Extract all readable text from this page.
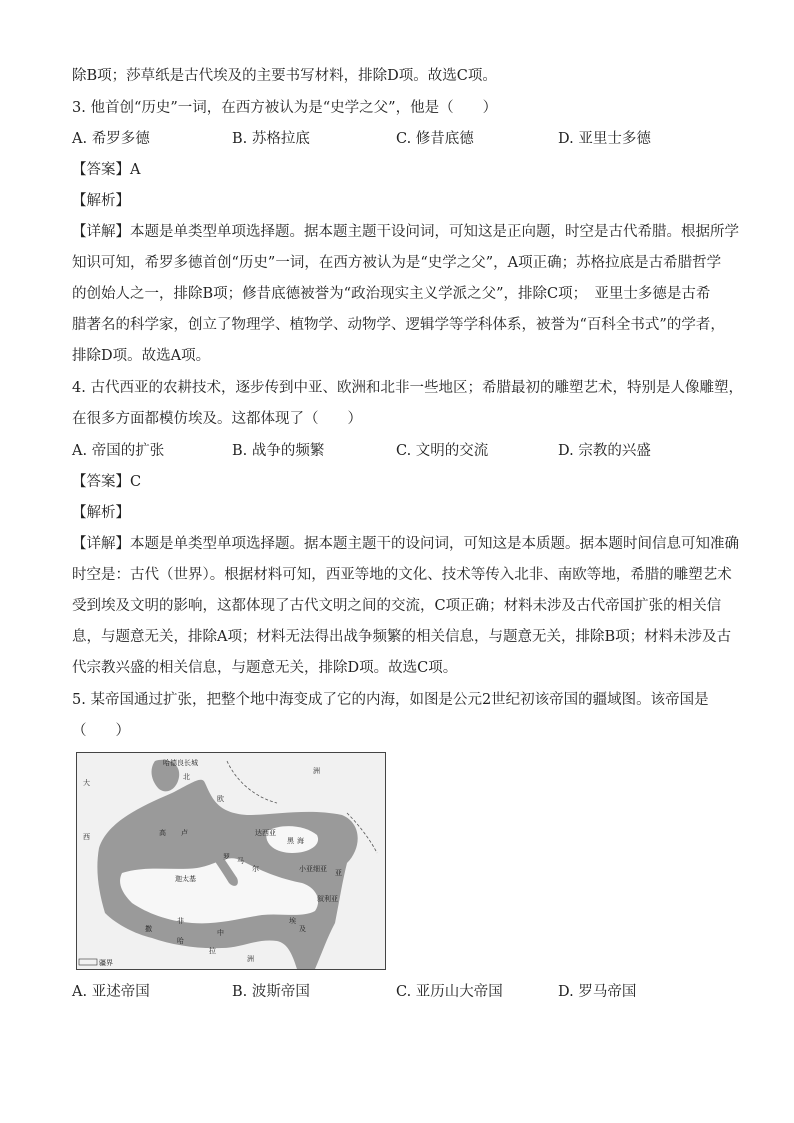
除B项；莎草纸是古代埃及的主要书写材料，排除D项。故选C项。
3. 他首创“历史”一词，在西方被认为是“史学之父”，他是（　　）
A. 希罗多德	B. 苏格拉底	C. 修昔底德	D. 亚里士多德
【答案】A
【解析】
【详解】本题是单类型单项选择题。据本题主题干设问词，可知这是正向题，时空是古代希腊。根据所学
知识可知，希罗多德首创“历史”一词，在西方被认为是“史学之父”，A项正确；苏格拉底是古希腊哲学
的创始人之一，排除B项；修昔底德被誉为“政治现实主义学派之父”，排除C项；　亚里士多德是古希
腊著名的科学家，创立了物理学、植物学、动物学、逻辑学等学科体系，被誉为“百科全书式”的学者，
排除D项。故选A项。
4. 古代西亚的农耕技术，逐步传到中亚、欧洲和北非一些地区；希腊最初的雕塑艺术，特别是人像雕塑，
在很多方面都模仿埃及。这都体现了（　　）
A. 帝国的扩张	B. 战争的频繁	C. 文明的交流	D. 宗教的兴盛
【答案】C
【解析】
【详解】本题是单类型单项选择题。据本题主题干的设问词，可知这是本质题。据本题时间信息可知准确
时空是：古代（世界）。根据材料可知，西亚等地的文化、技术等传入北非、南欧等地，希腊的雕塑艺术
受到埃及文明的影响，这都体现了古代文明之间的交流，C项正确；材料未涉及古代帝国扩张的相关信
息，与题意无关，排除A项；材料无法得出战争频繁的相关信息，与题意无关，排除B项；材料未涉及古
代宗教兴盛的相关信息，与题意无关，排除D项。故选C项。
5. 某帝国通过扩张，把整个地中海变成了它的内海，如图是公元2世纪初该帝国的疆域图。该帝国是
（　　）
大
哈德良长城
北
欧
高 卢
洲
西	达西亚
黑 海
罗 马
尔	小亚细亚 亚
叙利亚
撒
哈
拉
非
中
洲
埃
及
迦太基
疆界
A. 亚述帝国	B. 波斯帝国	C. 亚历山大帝国	D. 罗马帝国
